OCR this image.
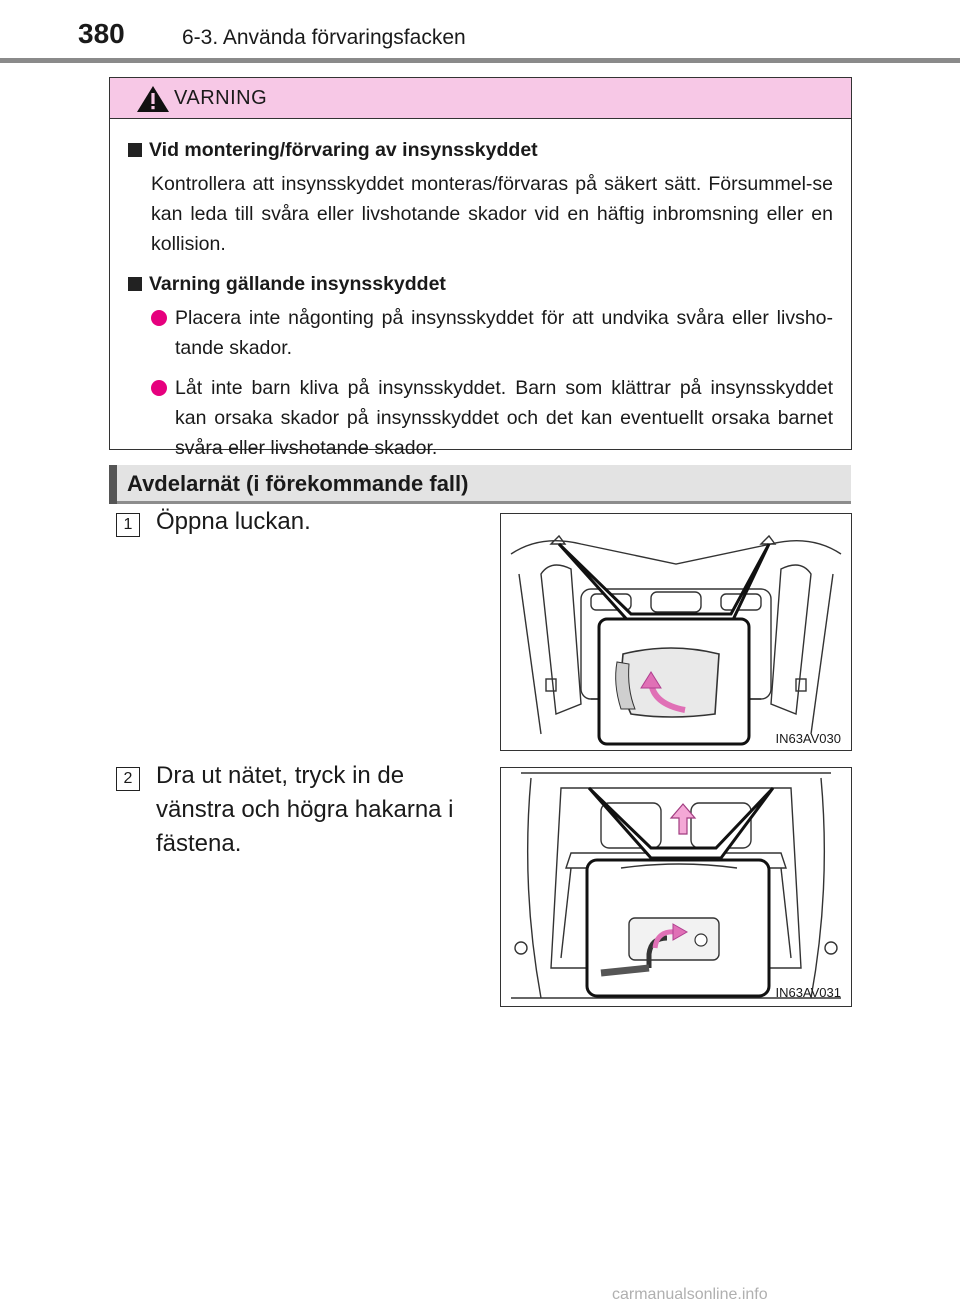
380	6-3. Använda förvaringsfacken
VARNING
Vid montering/förvaring av insynsskyddet
Kontrollera att insynsskyddet monteras/förvaras på säkert sätt. Försummel-se kan leda till svåra eller livshotande skador vid en häftig inbromsning eller en kollision.
Varning gällande insynsskyddet
Placera inte någonting på insynsskyddet för att undvika svåra eller livsho-tande skador.
Låt inte barn kliva på insynsskyddet. Barn som klättrar på insynsskyddet kan orsaka skador på insynsskyddet och det kan eventuellt orsaka barnet svåra eller livshotande skador.
Avdelarnät (i förekommande fall)
1 Öppna luckan.
IN63AV030
2 Dra ut nätet, tryck in de vänstra och högra hakarna i fästena.
IN63AV031
carmanualsonline.info
